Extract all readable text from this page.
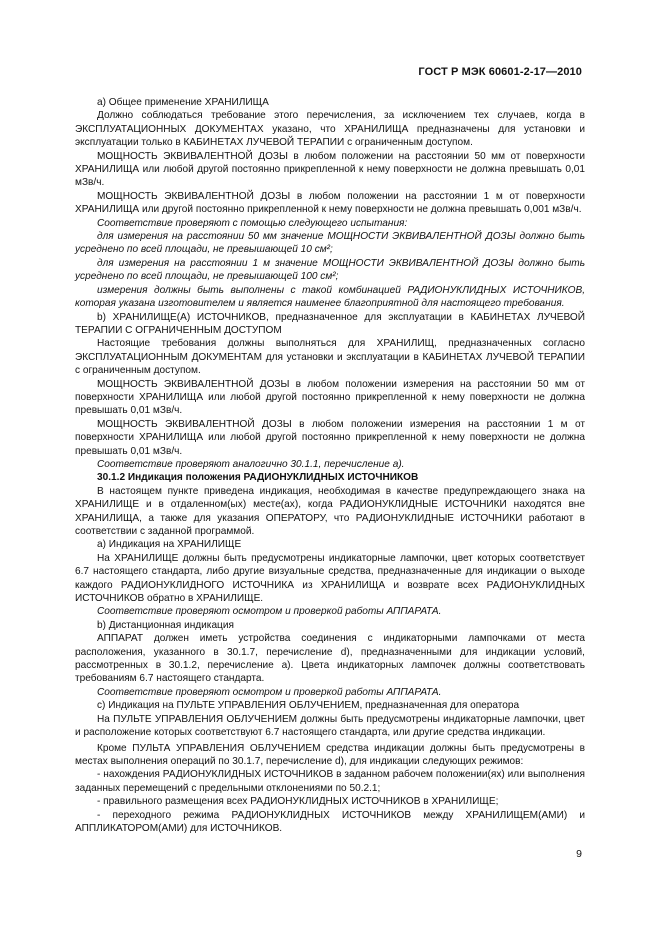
ГОСТ Р МЭК 60601-2-17—2010

a) Общее применение ХРАНИЛИЩА

Должно соблюдаться требование этого перечисления, за исключением тех случаев, когда в ЭКСПЛУАТАЦИОННЫХ ДОКУМЕНТАХ указано, что ХРАНИЛИЩА предназначены для установки и эксплуатации только в КАБИНЕТАХ ЛУЧЕВОЙ ТЕРАПИИ с ограниченным доступом.

МОЩНОСТЬ ЭКВИВАЛЕНТНОЙ ДОЗЫ в любом положении на расстоянии 50 мм от поверхности ХРАНИЛИЩА или любой другой постоянно прикрепленной к нему поверхности не должна превышать 0,01 мЗв/ч.

МОЩНОСТЬ ЭКВИВАЛЕНТНОЙ ДОЗЫ в любом положении на расстоянии 1 м от поверхности ХРАНИЛИЩА или другой постоянно прикрепленной к нему поверхности не должна превышать 0,001 мЗв/ч.

Соответствие проверяют с помощью следующего испытания:

для измерения на расстоянии 50 мм значение МОЩНОСТИ ЭКВИВАЛЕНТНОЙ ДОЗЫ должно быть усреднено по всей площади, не превышающей 10 см²;

для измерения на расстоянии 1 м значение МОЩНОСТИ ЭКВИВАЛЕНТНОЙ ДОЗЫ должно быть усреднено по всей площади, не превышающей 100 см²;

измерения должны быть выполнены с такой комбинацией РАДИОНУКЛИДНЫХ ИСТОЧНИКОВ, которая указана изготовителем и является наименее благоприятной для настоящего требования.

b) ХРАНИЛИЩЕ(А) ИСТОЧНИКОВ, предназначенное для эксплуатации в КАБИНЕТАХ ЛУЧЕВОЙ ТЕРАПИИ С ОГРАНИЧЕННЫМ ДОСТУПОМ

Настоящие требования должны выполняться для ХРАНИЛИЩ, предназначенных согласно ЭКСПЛУАТАЦИОННЫМ ДОКУМЕНТАМ для установки и эксплуатации в КАБИНЕТАХ ЛУЧЕВОЙ ТЕРАПИИ с ограниченным доступом.

МОЩНОСТЬ ЭКВИВАЛЕНТНОЙ ДОЗЫ в любом положении измерения на расстоянии 50 мм от поверхности ХРАНИЛИЩА или любой другой постоянно прикрепленной к нему поверхности не должна превышать 0,01 мЗв/ч.

МОЩНОСТЬ ЭКВИВАЛЕНТНОЙ ДОЗЫ в любом положении измерения на расстоянии 1 м от поверхности ХРАНИЛИЩА или любой другой постоянно прикрепленной к нему поверхности не должна превышать 0,01 мЗв/ч.

Соответствие проверяют аналогично 30.1.1, перечисление а).

30.1.2 Индикация положения РАДИОНУКЛИДНЫХ ИСТОЧНИКОВ

В настоящем пункте приведена индикация, необходимая в качестве предупреждающего знака на ХРАНИЛИЩЕ и в отдаленном(ых) месте(ах), когда РАДИОНУКЛИДНЫЕ ИСТОЧНИКИ находятся вне ХРАНИЛИЩА, а также для указания ОПЕРАТОРУ, что РАДИОНУКЛИДНЫЕ ИСТОЧНИКИ работают в соответствии с заданной программой.

a) Индикация на ХРАНИЛИЩЕ

На ХРАНИЛИЩЕ должны быть предусмотрены индикаторные лампочки, цвет которых соответствует 6.7 настоящего стандарта, либо другие визуальные средства, предназначенные для индикации о выходе каждого РАДИОНУКЛИДНОГО ИСТОЧНИКА из ХРАНИЛИЩА и возврате всех РАДИОНУКЛИДНЫХ ИСТОЧНИКОВ обратно в ХРАНИЛИЩЕ.

Соответствие проверяют осмотром и проверкой работы АППАРАТА.

b) Дистанционная индикация

АППАРАТ должен иметь устройства соединения с индикаторными лампочками от места расположения, указанного в 30.1.7, перечисление d), предназначенными для индикации условий, рассмотренных в 30.1.2, перечисление а). Цвета индикаторных лампочек должны соответствовать требованиям 6.7 настоящего стандарта.

Соответствие проверяют осмотром и проверкой работы АППАРАТА.

c) Индикация на ПУЛЬТЕ УПРАВЛЕНИЯ ОБЛУЧЕНИЕМ, предназначенная для оператора

На ПУЛЬТЕ УПРАВЛЕНИЯ ОБЛУЧЕНИЕМ должны быть предусмотрены индикаторные лампочки, цвет и расположение которых соответствуют 6.7 настоящего стандарта, или другие средства индикации.

Кроме ПУЛЬТА УПРАВЛЕНИЯ ОБЛУЧЕНИЕМ средства индикации должны быть предусмотрены в местах выполнения операций по 30.1.7, перечисление d), для индикации следующих режимов:

- нахождения РАДИОНУКЛИДНЫХ ИСТОЧНИКОВ в заданном рабочем положении(ях) или выполнения заданных перемещений с предельными отклонениями по 50.2.1;

- правильного размещения всех РАДИОНУКЛИДНЫХ ИСТОЧНИКОВ в ХРАНИЛИЩЕ;

- переходного режима РАДИОНУКЛИДНЫХ ИСТОЧНИКОВ между ХРАНИЛИЩЕМ(АМИ) и АППЛИКАТОРОМ(АМИ) для ИСТОЧНИКОВ.

9
